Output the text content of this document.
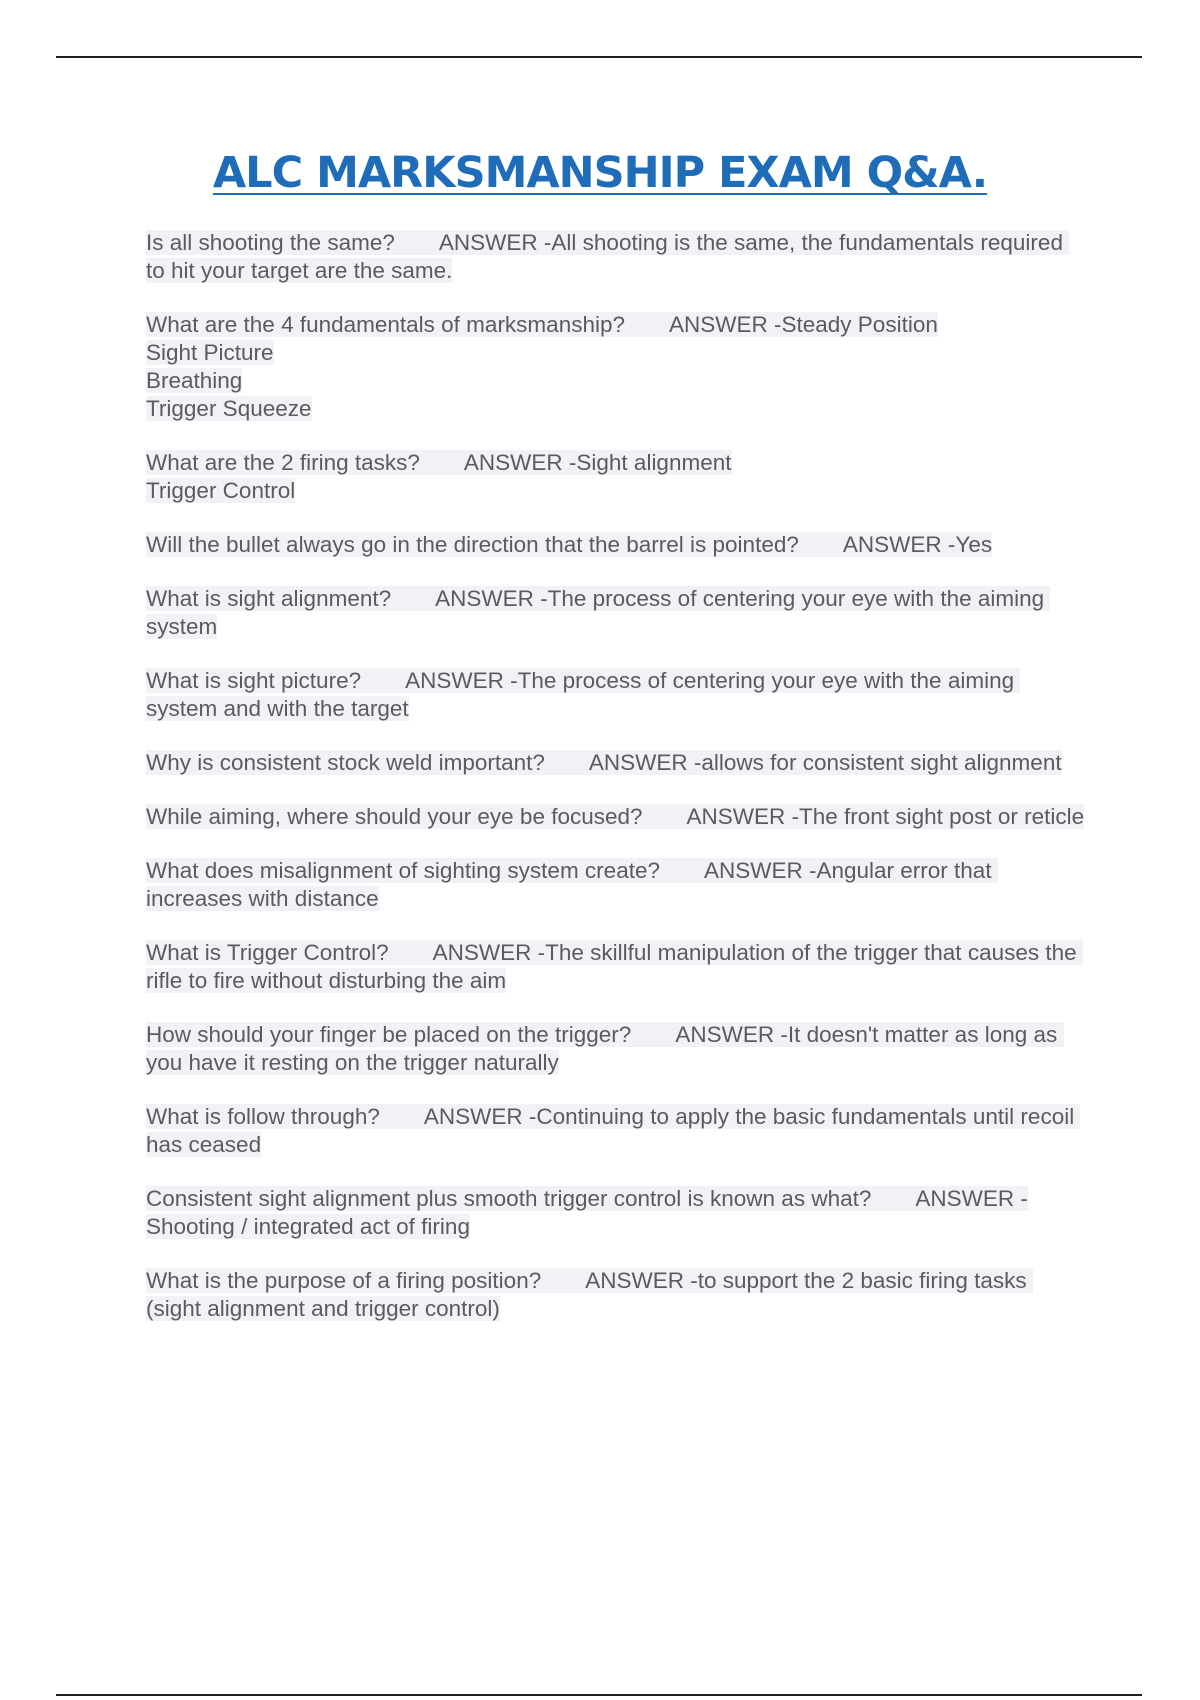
ALC MARKSMANSHIP EXAM Q&A.

Is all shooting the same? ANSWER -All shooting is the same, the fundamentals required to hit your target are the same.

What are the 4 fundamentals of marksmanship? ANSWER -Steady Position
Sight Picture
Breathing
Trigger Squeeze

What are the 2 firing tasks? ANSWER -Sight alignment
Trigger Control

Will the bullet always go in the direction that the barrel is pointed? ANSWER -Yes

What is sight alignment? ANSWER -The process of centering your eye with the aiming system

What is sight picture? ANSWER -The process of centering your eye with the aiming system and with the target

Why is consistent stock weld important? ANSWER -allows for consistent sight alignment

While aiming, where should your eye be focused? ANSWER -The front sight post or reticle

What does misalignment of sighting system create? ANSWER -Angular error that increases with distance

What is Trigger Control? ANSWER -The skillful manipulation of the trigger that causes the rifle to fire without disturbing the aim

How should your finger be placed on the trigger? ANSWER -It doesn't matter as long as you have it resting on the trigger naturally

What is follow through? ANSWER -Continuing to apply the basic fundamentals until recoil has ceased

Consistent sight alignment plus smooth trigger control is known as what? ANSWER -Shooting / integrated act of firing

What is the purpose of a firing position? ANSWER -to support the 2 basic firing tasks (sight alignment and trigger control)
